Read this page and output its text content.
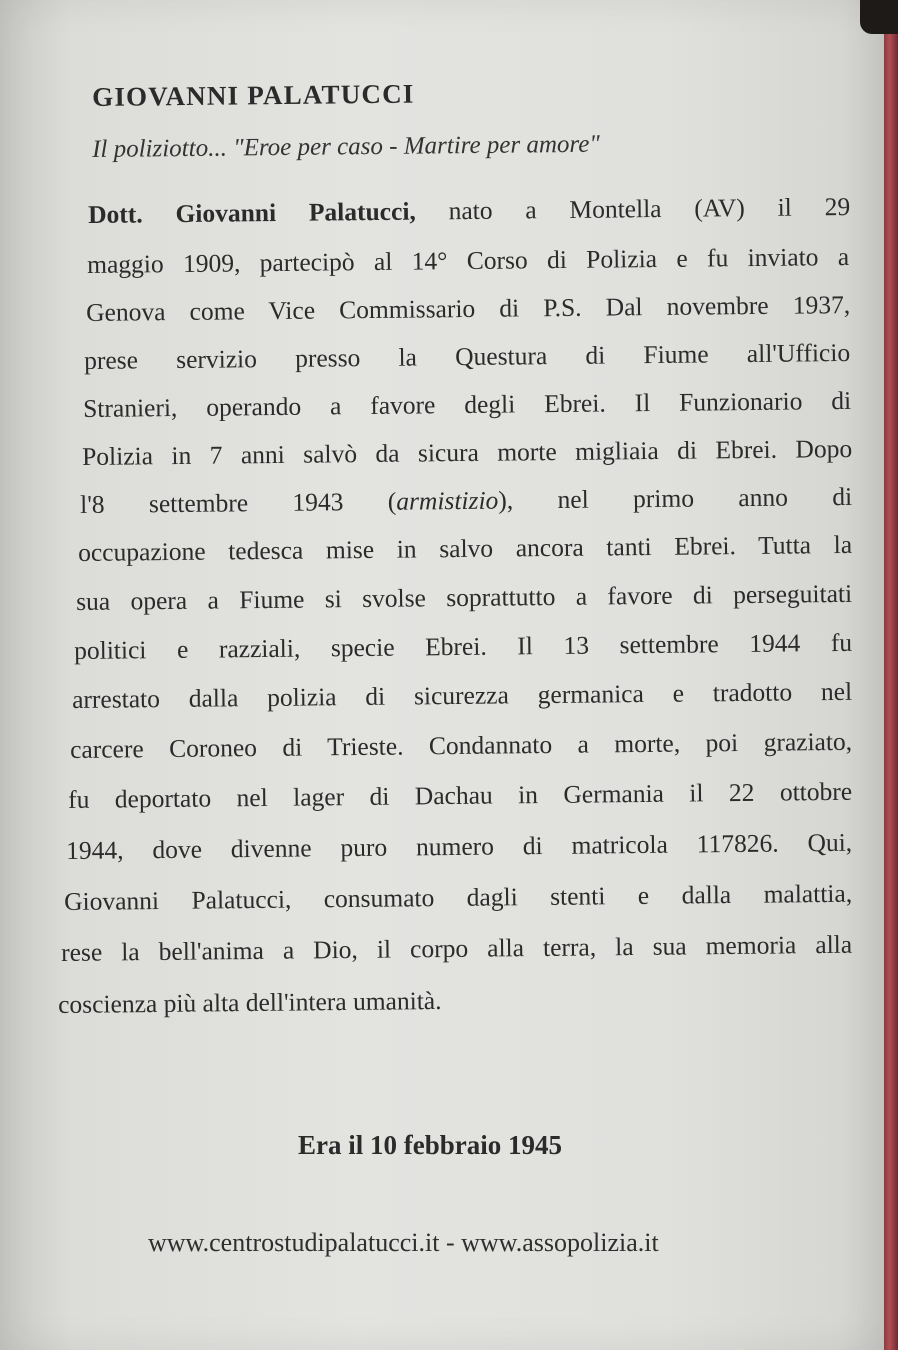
GIOVANNI PALATUCCI
Il poliziotto... "Eroe per caso - Martire per amore"
Dott. Giovanni Palatucci, nato a Montella (AV) il 29
maggio 1909, partecipò al 14° Corso di Polizia e fu inviato a
Genova come Vice Commissario di P.S. Dal novembre 1937,
prese servizio presso la Questura di Fiume all'Ufficio
Stranieri, operando a favore degli Ebrei. Il Funzionario di
Polizia in 7 anni salvò da sicura morte migliaia di Ebrei. Dopo
l'8 settembre 1943 (armistizio), nel primo anno di
occupazione tedesca mise in salvo ancora tanti Ebrei. Tutta la
sua opera a Fiume si svolse soprattutto a favore di perseguitati
politici e razziali, specie Ebrei. Il 13 settembre 1944 fu
arrestato dalla polizia di sicurezza germanica e tradotto nel
carcere Coroneo di Trieste. Condannato a morte, poi graziato,
fu deportato nel lager di Dachau in Germania il 22 ottobre
1944, dove divenne puro numero di matricola 117826. Qui,
Giovanni Palatucci, consumato dagli stenti e dalla malattia,
rese la bell'anima a Dio, il corpo alla terra, la sua memoria alla
coscienza più alta dell'intera umanità.
Era il 10 febbraio 1945
www.centrostudipalatucci.it - www.assopolizia.it
